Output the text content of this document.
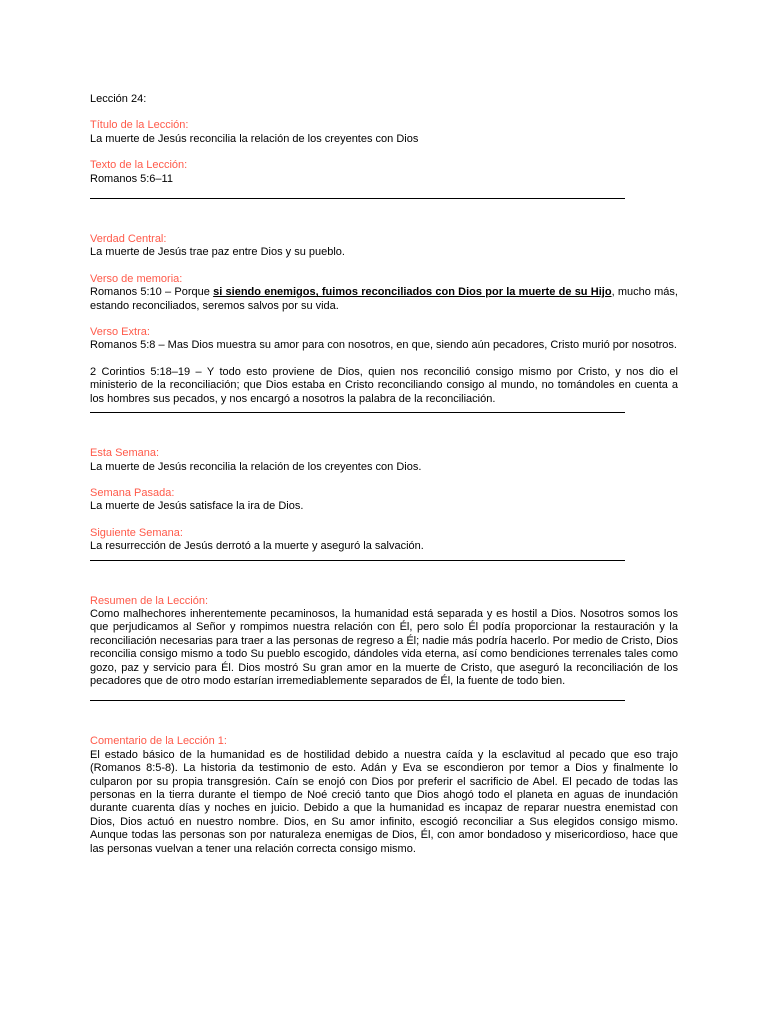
Lección 24:

Título de la Lección:

La muerte de Jesús reconcilia la relación de los creyentes con Dios

Texto de la Lección:

Romanos 5:6–11

Verdad Central:

La muerte de Jesús trae paz entre Dios y su pueblo.

Verso de memoria:

Romanos 5:10 – Porque si siendo enemigos, fuimos reconciliados con Dios por la muerte de su Hijo, mucho más, estando reconciliados, seremos salvos por su vida.

Verso Extra:

Romanos 5:8 – Mas Dios muestra su amor para con nosotros, en que, siendo aún pecadores, Cristo murió por nosotros.

2 Corintios 5:18–19 – Y todo esto proviene de Dios, quien nos reconcilió consigo mismo por Cristo, y nos dio el ministerio de la reconciliación; que Dios estaba en Cristo reconciliando consigo al mundo, no tomándoles en cuenta a los hombres sus pecados, y nos encargó a nosotros la palabra de la reconciliación.

Esta Semana:

La muerte de Jesús reconcilia la relación de los creyentes con Dios.

Semana Pasada:

La muerte de Jesús satisface la ira de Dios.

Siguiente Semana:

La resurrección de Jesús derrotó a la muerte y aseguró la salvación.

Resumen de la Lección:

Como malhechores inherentemente pecaminosos, la humanidad está separada y es hostil a Dios. Nosotros somos los que perjudicamos al Señor y rompimos nuestra relación con Él, pero solo Él podía proporcionar la restauración y la reconciliación necesarias para traer a las personas de regreso a Él; nadie más podría hacerlo. Por medio de Cristo, Dios reconcilia consigo mismo a todo Su pueblo escogido, dándoles vida eterna, así como bendiciones terrenales tales como gozo, paz y servicio para Él. Dios mostró Su gran amor en la muerte de Cristo, que aseguró la reconciliación de los pecadores que de otro modo estarían irremediablemente separados de Él, la fuente de todo bien.

Comentario de la Lección 1:

El estado básico de la humanidad es de hostilidad debido a nuestra caída y la esclavitud al pecado que eso trajo (Romanos 8:5-8). La historia da testimonio de esto. Adán y Eva se escondieron por temor a Dios y finalmente lo culparon por su propia transgresión. Caín se enojó con Dios por preferir el sacrificio de Abel. El pecado de todas las personas en la tierra durante el tiempo de Noé creció tanto que Dios ahogó todo el planeta en aguas de inundación durante cuarenta días y noches en juicio. Debido a que la humanidad es incapaz de reparar nuestra enemistad con Dios, Dios actuó en nuestro nombre. Dios, en Su amor infinito, escogió reconciliar a Sus elegidos consigo mismo. Aunque todas las personas son por naturaleza enemigas de Dios, Él, con amor bondadoso y misericordioso, hace que las personas vuelvan a tener una relación correcta consigo mismo.
